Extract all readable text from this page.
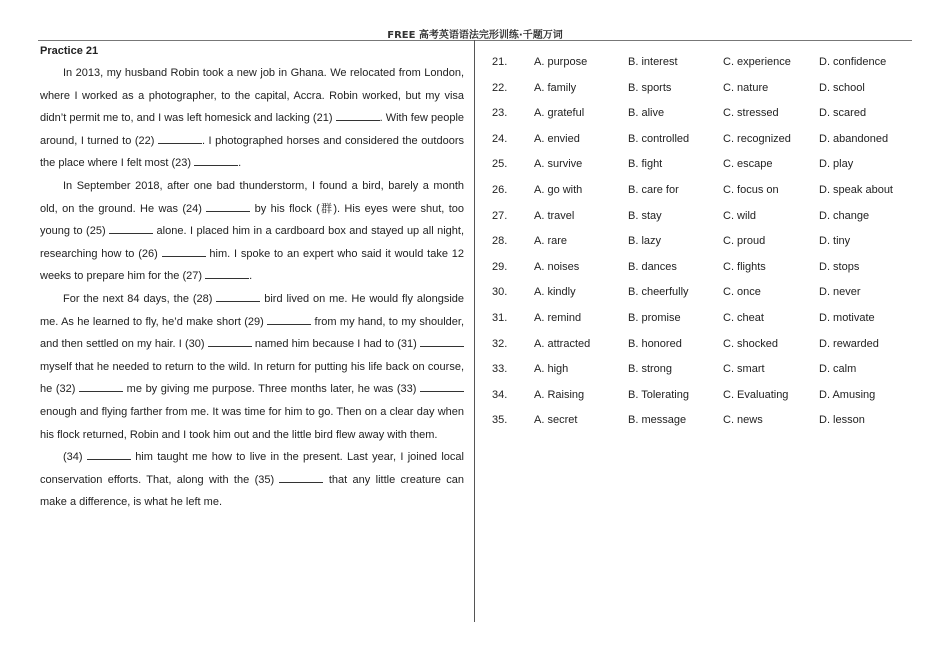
FREE 高考英语语法完形训练·千题万词
Practice 21

In 2013, my husband Robin took a new job in Ghana. We relocated from London, where I worked as a photographer, to the capital, Accra. Robin worked, but my visa didn’t permit me to, and I was left homesick and lacking (21)	. With few people around, I turned to (22)	. I photographed horses and considered the outdoors the place where I felt most (23)	.

In September 2018, after one bad thunderstorm, I found a bird, barely a month old, on the ground. He was (24)	by his flock (群). His eyes were shut, too young to (25)	alone. I placed him in a cardboard box and stayed up all night, researching how to (26)	him. I spoke to an expert who said it would take 12 weeks to prepare him for the (27)	.

For the next 84 days, the (28)	bird lived on me. He would fly alongside me. As he learned to fly, he’d make short (29)	from my hand, to my shoulder, and then settled on my hair. I (30)	named him because I had to (31)  myself that he needed to return to the wild. In return for putting his life back on course, he (32)	me by giving me purpose. Three months later, he was (33)  enough and flying farther from me. It was time for him to go. Then on a clear day when his flock returned, Robin and I took him out and the little bird flew away with them.

(34)	him taught me how to live in the present. Last year, I joined local conservation efforts. That, along with the (35)	that any little creature can make a difference, is what he left me.

21. A. purpose	B. interest	C. experience	D. confidence
22. A. family	B. sports	C. nature	D. school
23. A. grateful	B. alive	C. stressed	D. scared
24. A. envied	B. controlled	C. recognized	D. abandoned
25. A. survive	B. fight	C. escape	D. play
26. A. go with	B. care for	C. focus on	D. speak about
27. A. travel	B. stay	C. wild	D. change
28. A. rare	B. lazy	C. proud	D. tiny
29. A. noises	B. dances	C. flights	D. stops
30. A. kindly	B. cheerfully	C. once	D. never
31. A. remind	B. promise	C. cheat	D. motivate
32. A. attracted	B. honored	C. shocked	D. rewarded
33. A. high	B. strong	C. smart	D. calm
34. A. Raising	B. Tolerating	C. Evaluating	D. Amusing
35. A. secret	B. message	C. news	D. lesson
